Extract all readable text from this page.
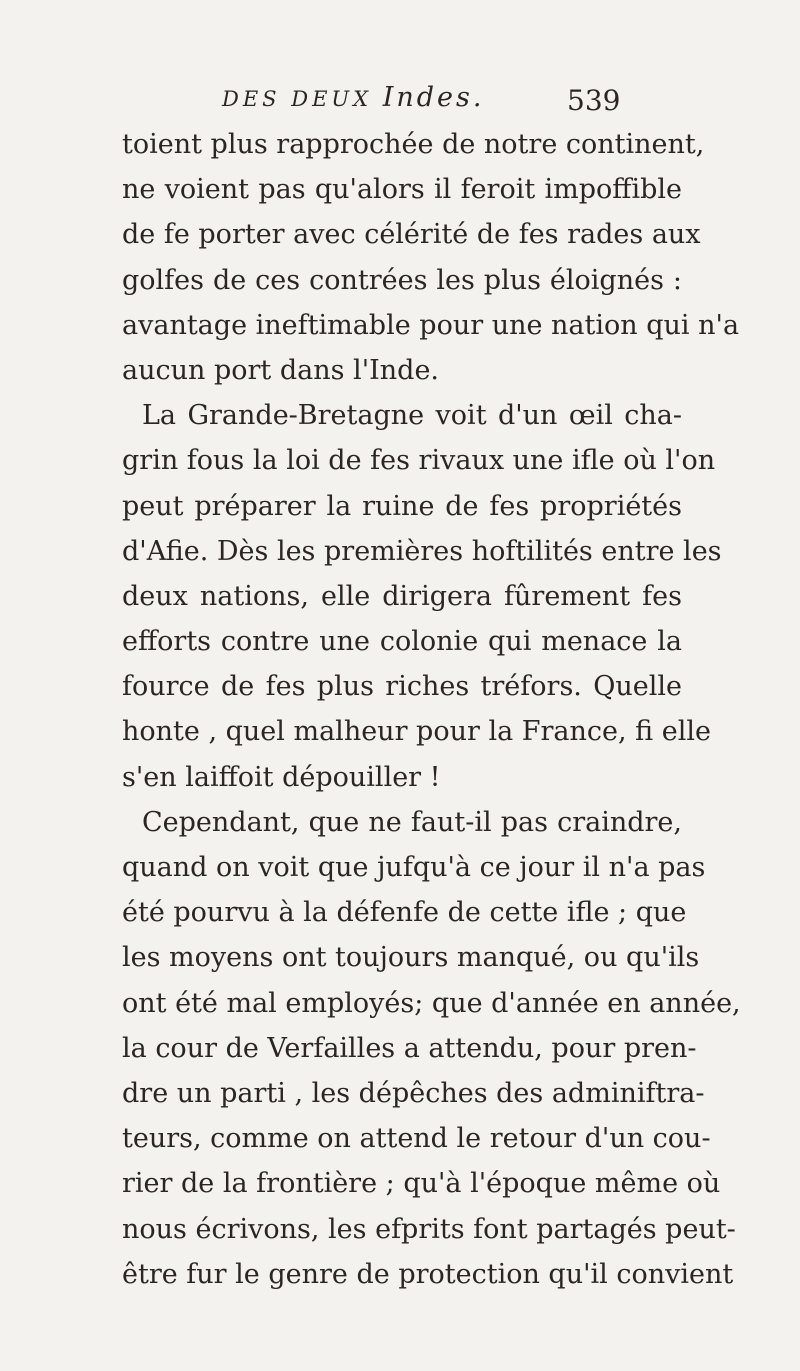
DES DEUX Indes.	539
toient plus rapprochée de notre continent,
ne voient pas qu'alors il feroit impoffible
de fe porter avec célérité de fes rades aux
golfes de ces contrées les plus éloignés :
avantage ineftimable pour une nation qui n'a
aucun port dans l'Inde.
La Grande-Bretagne voit d'un œil cha-
grin fous la loi de fes rivaux une ifle où l'on
peut préparer la ruine de fes propriétés
d'Afie. Dès les premières hoftilités entre les
deux nations, elle dirigera fûrement fes
efforts contre une colonie qui menace la
fource de fes plus riches tréfors. Quelle
honte , quel malheur pour la France, fi elle
s'en laiffoit dépouiller !
Cependant, que ne faut-il pas craindre,
quand on voit que jufqu'à ce jour il n'a pas
été pourvu à la défenfe de cette ifle ; que
les moyens ont toujours manqué, ou qu'ils
ont été mal employés; que d'année en année,
la cour de Verfailles a attendu, pour pren-
dre un parti , les dépêches des adminiftra-
teurs, comme on attend le retour d'un cou-
rier de la frontière ; qu'à l'époque même où
nous écrivons, les efprits font partagés peut-
être fur le genre de protection qu'il convient
